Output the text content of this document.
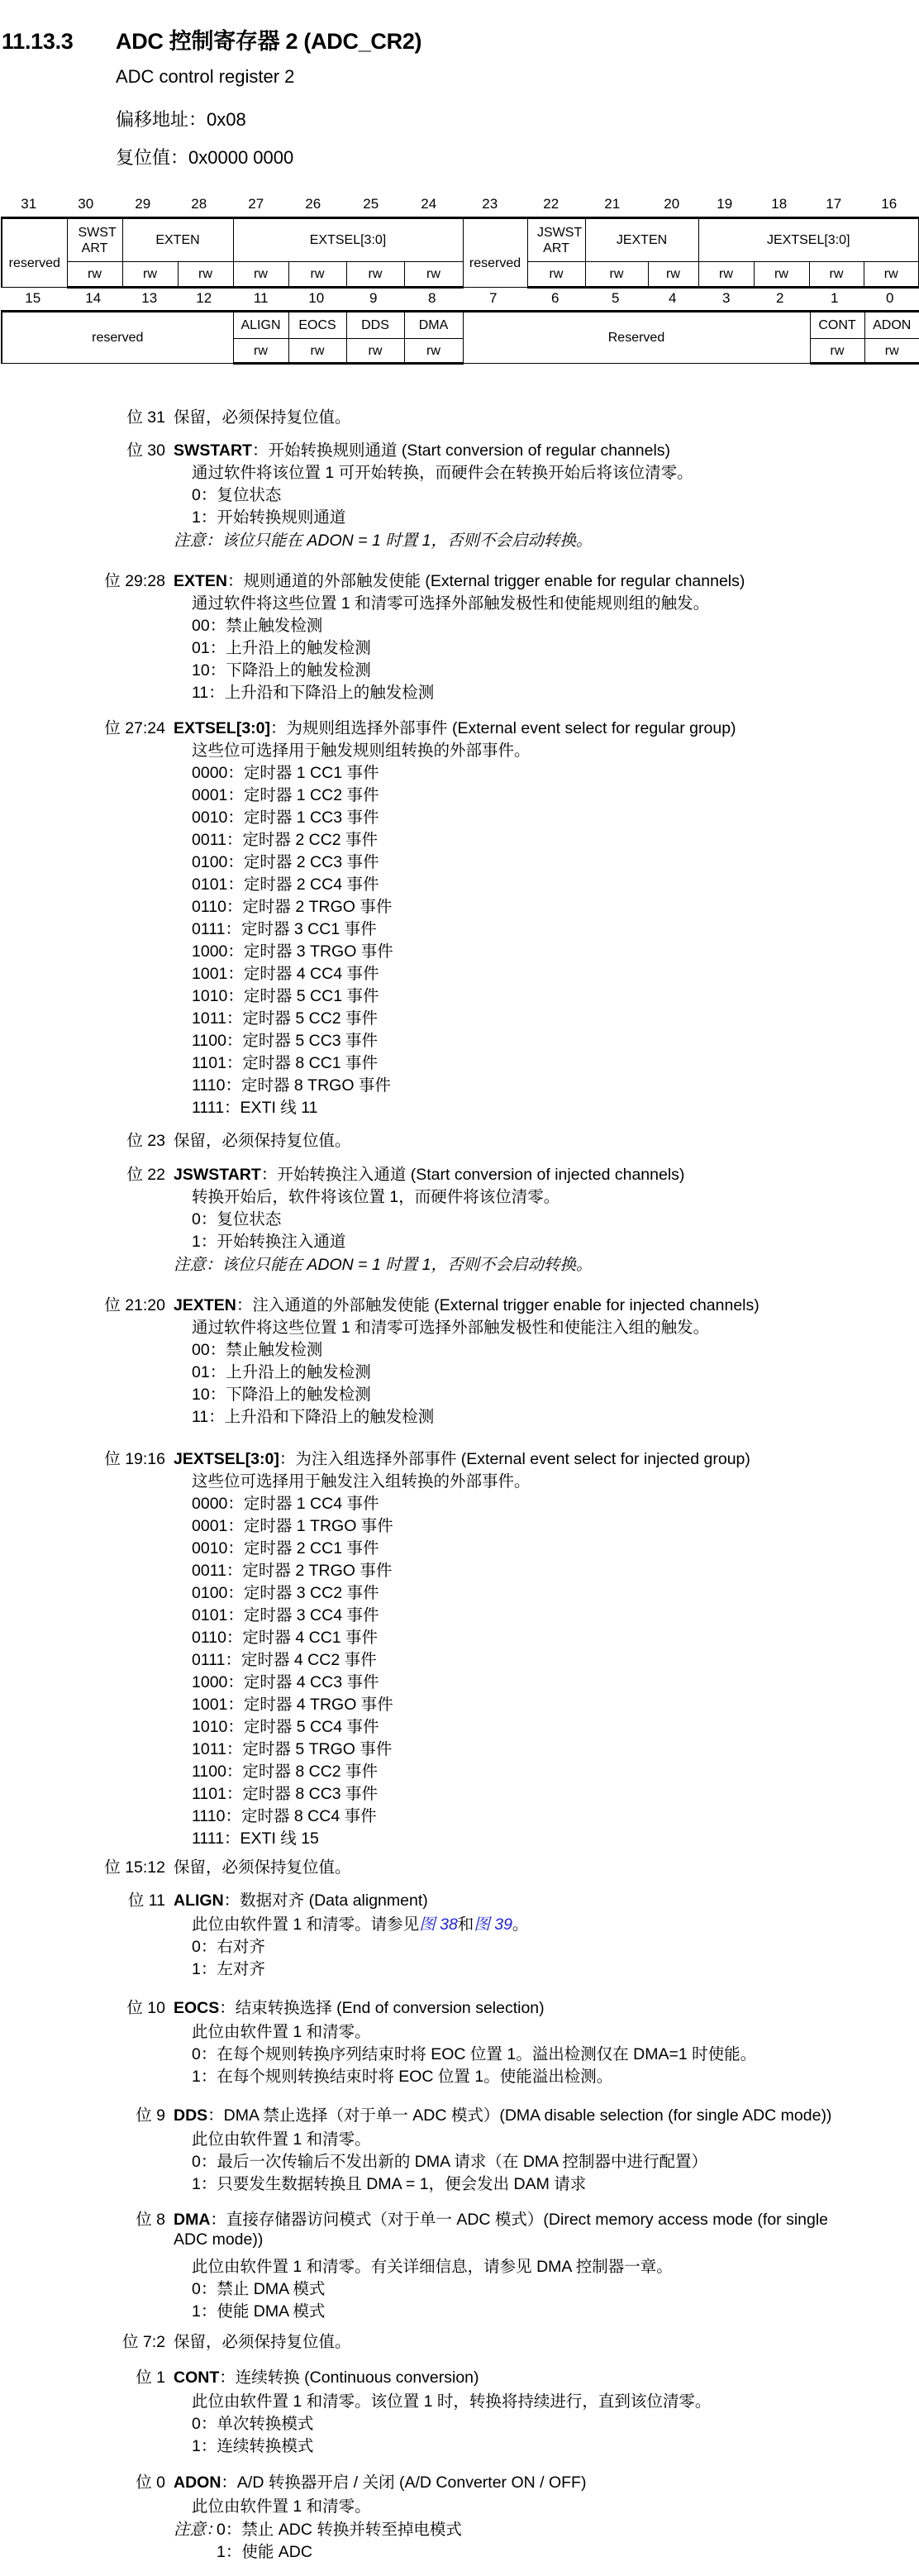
11.13.3 ADC 控制寄存器 2 (ADC_CR2)
ADC control register 2
偏移地址：0x08
复位值：0x0000 0000
31	30	29	28	27	26	25	24	23	22	21	20	19	18	17	16
reserved	SWST ART	EXTEN		EXTSEL[3:0]				reserved	JSWST ART	JEXTEN		JEXTSEL[3:0]			
	rw	rw	rw	rw	rw	rw	rw		rw	rw	rw	rw	rw	rw	rw
15	14	13	12	11	10	9	8	7	6	5	4	3	2	1	0
reserved	ALIGN	EOCS	DDS	DMA	Reserved	CONT	ADON
	rw	rw	rw	rw		rw	rw
位 31 保留，必须保持复位值。
位 30 SWSTART：开始转换规则通道 (Start conversion of regular channels)
通过软件将该位置 1 可开始转换，而硬件会在转换开始后将该位清零。
0：复位状态
1：开始转换规则通道
注意：该位只能在 ADON = 1 时置 1，否则不会启动转换。
位 29:28 EXTEN：规则通道的外部触发使能 (External trigger enable for regular channels)
通过软件将这些位置 1 和清零可选择外部触发极性和使能规则组的触发。
00：禁止触发检测
01：上升沿上的触发检测
10：下降沿上的触发检测
11：上升沿和下降沿上的触发检测
位 27:24 EXTSEL[3:0]：为规则组选择外部事件 (External event select for regular group)
这些位可选择用于触发规则组转换的外部事件。
0000：定时器 1 CC1 事件
0001：定时器 1 CC2 事件
0010：定时器 1 CC3 事件
0011：定时器 2 CC2 事件
0100：定时器 2 CC3 事件
0101：定时器 2 CC4 事件
0110：定时器 2 TRGO 事件
0111：定时器 3 CC1 事件
1000：定时器 3 TRGO 事件
1001：定时器 4 CC4 事件
1010：定时器 5 CC1 事件
1011：定时器 5 CC2 事件
1100：定时器 5 CC3 事件
1101：定时器 8 CC1 事件
1110：定时器 8 TRGO 事件
1111：EXTI 线 11
位 23 保留，必须保持复位值。
位 22 JSWSTART：开始转换注入通道 (Start conversion of injected channels)
转换开始后，软件将该位置 1，而硬件将该位清零。
0：复位状态
1：开始转换注入通道
注意：该位只能在 ADON = 1 时置 1，否则不会启动转换。
位 21:20 JEXTEN：注入通道的外部触发使能 (External trigger enable for injected channels)
通过软件将这些位置 1 和清零可选择外部触发极性和使能注入组的触发。
00：禁止触发检测
01：上升沿上的触发检测
10：下降沿上的触发检测
11：上升沿和下降沿上的触发检测
位 19:16 JEXTSEL[3:0]：为注入组选择外部事件 (External event select for injected group)
这些位可选择用于触发注入组转换的外部事件。
0000：定时器 1 CC4 事件
0001：定时器 1 TRGO 事件
0010：定时器 2 CC1 事件
0011：定时器 2 TRGO 事件
0100：定时器 3 CC2 事件
0101：定时器 3 CC4 事件
0110：定时器 4 CC1 事件
0111：定时器 4 CC2 事件
1000：定时器 4 CC3 事件
1001：定时器 4 TRGO 事件
1010：定时器 5 CC4 事件
1011：定时器 5 TRGO 事件
1100：定时器 8 CC2 事件
1101：定时器 8 CC3 事件
1110：定时器 8 CC4 事件
1111：EXTI 线 15
位 15:12 保留，必须保持复位值。
位 11 ALIGN：数据对齐 (Data alignment)
此位由软件置 1 和清零。请参见图 38和图 39。
0：右对齐
1：左对齐
位 10 EOCS：结束转换选择 (End of conversion selection)
此位由软件置 1 和清零。
0：在每个规则转换序列结束时将 EOC 位置 1。溢出检测仅在 DMA=1 时使能。
1：在每个规则转换结束时将 EOC 位置 1。使能溢出检测。
位 9 DDS：DMA 禁止选择（对于单一 ADC 模式）(DMA disable selection (for single ADC mode))
此位由软件置 1 和清零。
0：最后一次传输后不发出新的 DMA 请求（在 DMA 控制器中进行配置）
1：只要发生数据转换且 DMA = 1，便会发出 DAM 请求
位 8 DMA：直接存储器访问模式（对于单一 ADC 模式）(Direct memory access mode (for single
ADC mode))
此位由软件置 1 和清零。有关详细信息，请参见 DMA 控制器一章。
0：禁止 DMA 模式
1：使能 DMA 模式
位 7:2 保留，必须保持复位值。
位 1 CONT：连续转换 (Continuous conversion)
此位由软件置 1 和清零。该位置 1 时，转换将持续进行，直到该位清零。
0：单次转换模式
1：连续转换模式
位 0 ADON：A/D 转换器开启 / 关闭 (A/D Converter ON / OFF)
此位由软件置 1 和清零。
注意：
0：禁止 ADC 转换并转至掉电模式
1：使能 ADC
